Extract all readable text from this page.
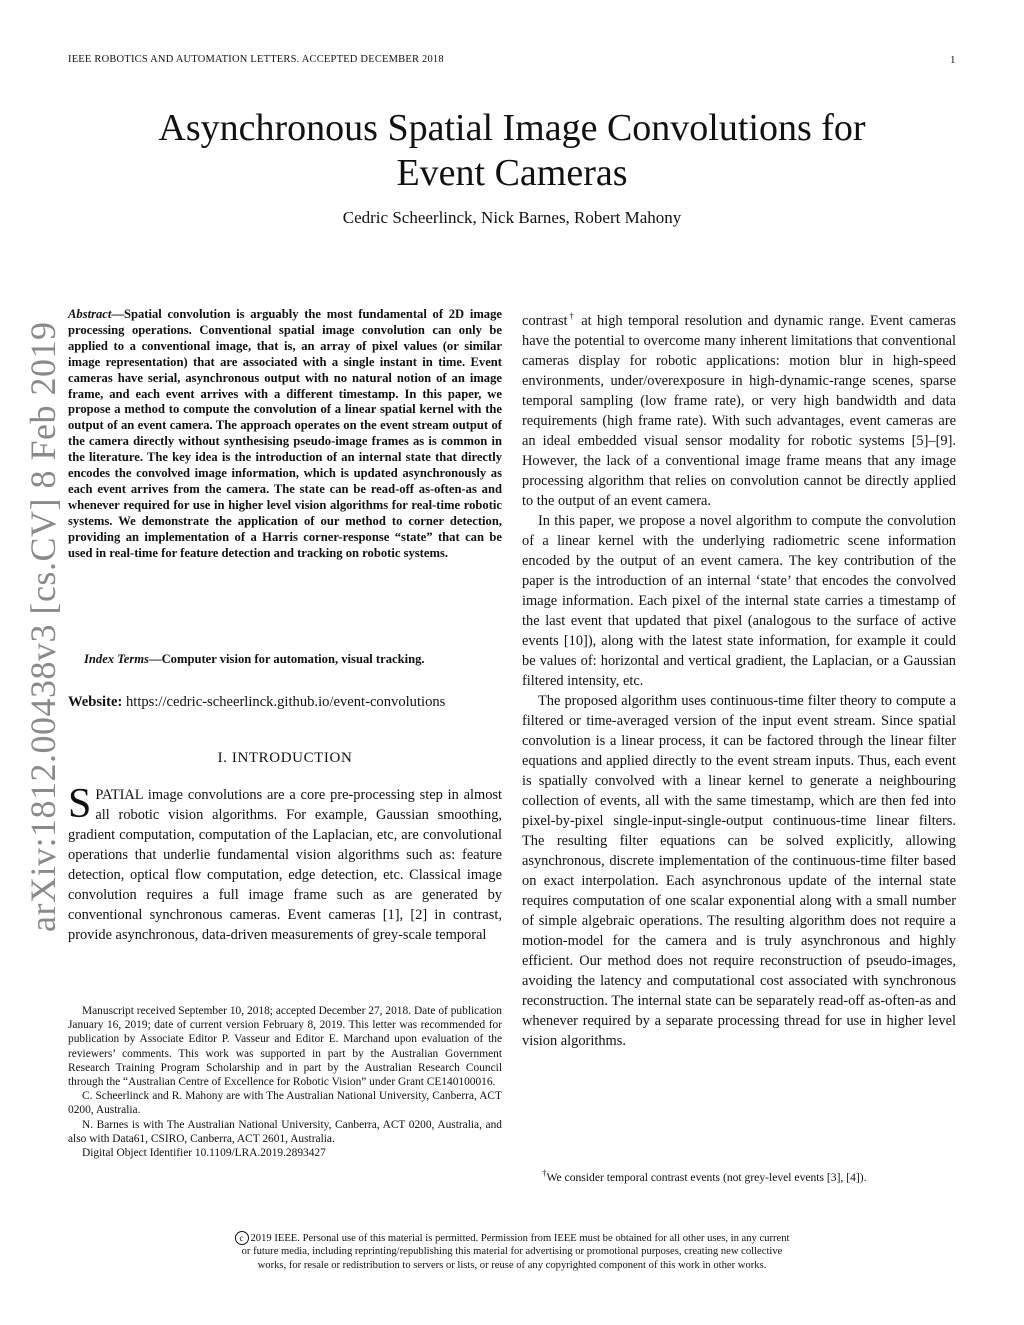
IEEE ROBOTICS AND AUTOMATION LETTERS. ACCEPTED DECEMBER 2018	1
Asynchronous Spatial Image Convolutions for
Event Cameras
Cedric Scheerlinck, Nick Barnes, Robert Mahony
arXiv:1812.00438v3 [cs.CV] 8 Feb 2019
Abstract—Spatial convolution is arguably the most fundamental of 2D image processing operations. Conventional spatial image convolution can only be applied to a conventional image, that is, an array of pixel values (or similar image representation) that are associated with a single instant in time. Event cameras have serial, asynchronous output with no natural notion of an image frame, and each event arrives with a different timestamp. In this paper, we propose a method to compute the convolution of a linear spatial kernel with the output of an event camera. The approach operates on the event stream output of the camera directly without synthesising pseudo-image frames as is common in the literature. The key idea is the introduction of an internal state that directly encodes the convolved image information, which is updated asynchronously as each event arrives from the camera. The state can be read-off as-often-as and whenever required for use in higher level vision algorithms for real-time robotic systems. We demonstrate the application of our method to corner detection, providing an implementation of a Harris corner-response “state” that can be used in real-time for feature detection and tracking on robotic systems.
Index Terms—Computer vision for automation, visual tracking.
Website: https://cedric-scheerlinck.github.io/event-convolutions
I. INTRODUCTION
SPATIAL image convolutions are a core pre-processing step in almost all robotic vision algorithms. For example, Gaussian smoothing, gradient computation, computation of the Laplacian, etc, are convolutional operations that underlie fundamental vision algorithms such as: feature detection, optical flow computation, edge detection, etc. Classical image convolution requires a full image frame such as are generated by conventional synchronous cameras. Event cameras [1], [2] in contrast, provide asynchronous, data-driven measurements of grey-scale temporal

Manuscript received September 10, 2018; accepted December 27, 2018. Date of publication January 16, 2019; date of current version February 8, 2019. This letter was recommended for publication by Associate Editor P. Vasseur and Editor E. Marchand upon evaluation of the reviewers’ comments. This work was supported in part by the Australian Government Research Training Program Scholarship and in part by the Australian Research Council through the “Australian Centre of Excellence for Robotic Vision” under Grant CE140100016.

C. Scheerlinck and R. Mahony are with The Australian National University, Canberra, ACT 0200, Australia.

N. Barnes is with The Australian National University, Canberra, ACT 0200, Australia, and also with Data61, CSIRO, Canberra, ACT 2601, Australia.

Digital Object Identifier 10.1109/LRA.2019.2893427

contrast† at high temporal resolution and dynamic range. Event cameras have the potential to overcome many inherent limitations that conventional cameras display for robotic applications: motion blur in high-speed environments, under/overexposure in high-dynamic-range scenes, sparse temporal sampling (low frame rate), or very high bandwidth and data requirements (high frame rate). With such advantages, event cameras are an ideal embedded visual sensor modality for robotic systems [5]–[9]. However, the lack of a conventional image frame means that any image processing algorithm that relies on convolution cannot be directly applied to the output of an event camera.

In this paper, we propose a novel algorithm to compute the convolution of a linear kernel with the underlying radiometric scene information encoded by the output of an event camera. The key contribution of the paper is the introduction of an internal ‘state’ that encodes the convolved image information. Each pixel of the internal state carries a timestamp of the last event that updated that pixel (analogous to the surface of active events [10]), along with the latest state information, for example it could be values of: horizontal and vertical gradient, the Laplacian, or a Gaussian filtered intensity, etc.

The proposed algorithm uses continuous-time filter theory to compute a filtered or time-averaged version of the input event stream. Since spatial convolution is a linear process, it can be factored through the linear filter equations and applied directly to the event stream inputs. Thus, each event is spatially convolved with a linear kernel to generate a neighbouring collection of events, all with the same timestamp, which are then fed into pixel-by-pixel single-input-single-output continuous-time linear filters. The resulting filter equations can be solved explicitly, allowing asynchronous, discrete implementation of the continuous-time filter based on exact interpolation. Each asynchronous update of the internal state requires computation of one scalar exponential along with a small number of simple algebraic operations. The resulting algorithm does not require a motion-model for the camera and is truly asynchronous and highly efficient. Our method does not require reconstruction of pseudo-images, avoiding the latency and computational cost associated with synchronous reconstruction. The internal state can be separately read-off as-often-as and whenever required by a separate processing thread for use in higher level vision algorithms.

†We consider temporal contrast events (not grey-level events [3], [4]).
c 2019 IEEE. Personal use of this material is permitted. Permission from IEEE must be obtained for all other uses, in any current
or future media, including reprinting/republishing this material for advertising or promotional purposes, creating new collective
works, for resale or redistribution to servers or lists, or reuse of any copyrighted component of this work in other works.
